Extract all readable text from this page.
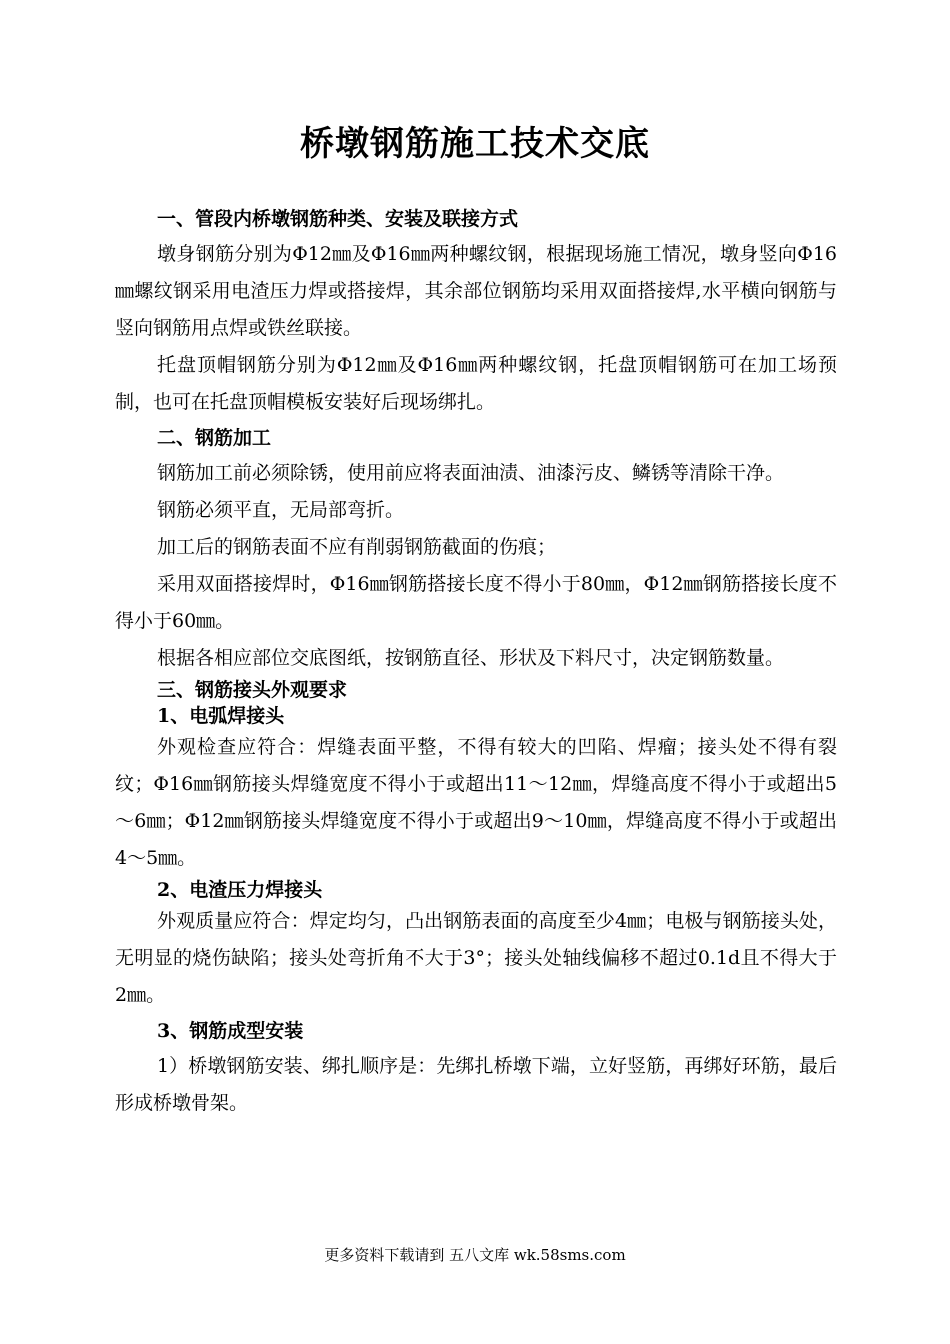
桥墩钢筋施工技术交底
一、管段内桥墩钢筋种类、安装及联接方式

墩身钢筋分别为Φ12㎜及Φ16㎜两种螺纹钢，根据现场施工情况，墩身竖向Φ16㎜螺纹钢采用电渣压力焊或搭接焊，其余部位钢筋均采用双面搭接焊,水平横向钢筋与竖向钢筋用点焊或铁丝联接。

托盘顶帽钢筋分别为Φ12㎜及Φ16㎜两种螺纹钢，托盘顶帽钢筋可在加工场预制，也可在托盘顶帽模板安装好后现场绑扎。

二、钢筋加工

钢筋加工前必须除锈，使用前应将表面油渍、油漆污皮、鳞锈等清除干净。

钢筋必须平直，无局部弯折。

加工后的钢筋表面不应有削弱钢筋截面的伤痕；

采用双面搭接焊时，Φ16㎜钢筋搭接长度不得小于80㎜，Φ12㎜钢筋搭接长度不得小于60㎜。

根据各相应部位交底图纸，按钢筋直径、形状及下料尺寸，决定钢筋数量。

三、钢筋接头外观要求
1、电弧焊接头

外观检查应符合：焊缝表面平整，不得有较大的凹陷、焊瘤；接头处不得有裂纹；Φ16㎜钢筋接头焊缝宽度不得小于或超出11～12㎜，焊缝高度不得小于或超出5～6㎜；Φ12㎜钢筋接头焊缝宽度不得小于或超出9～10㎜，焊缝高度不得小于或超出4～5㎜。

2、电渣压力焊接头

外观质量应符合：焊定均匀，凸出钢筋表面的高度至少4㎜；电极与钢筋接头处，无明显的烧伤缺陷；接头处弯折角不大于3°；接头处轴线偏移不超过0.1d且不得大于2㎜。

3、钢筋成型安装

1）桥墩钢筋安装、绑扎顺序是：先绑扎桥墩下端，立好竖筋，再绑好环筋，最后形成桥墩骨架。

更多资料下载请到 五八文库 wk.58sms.com
